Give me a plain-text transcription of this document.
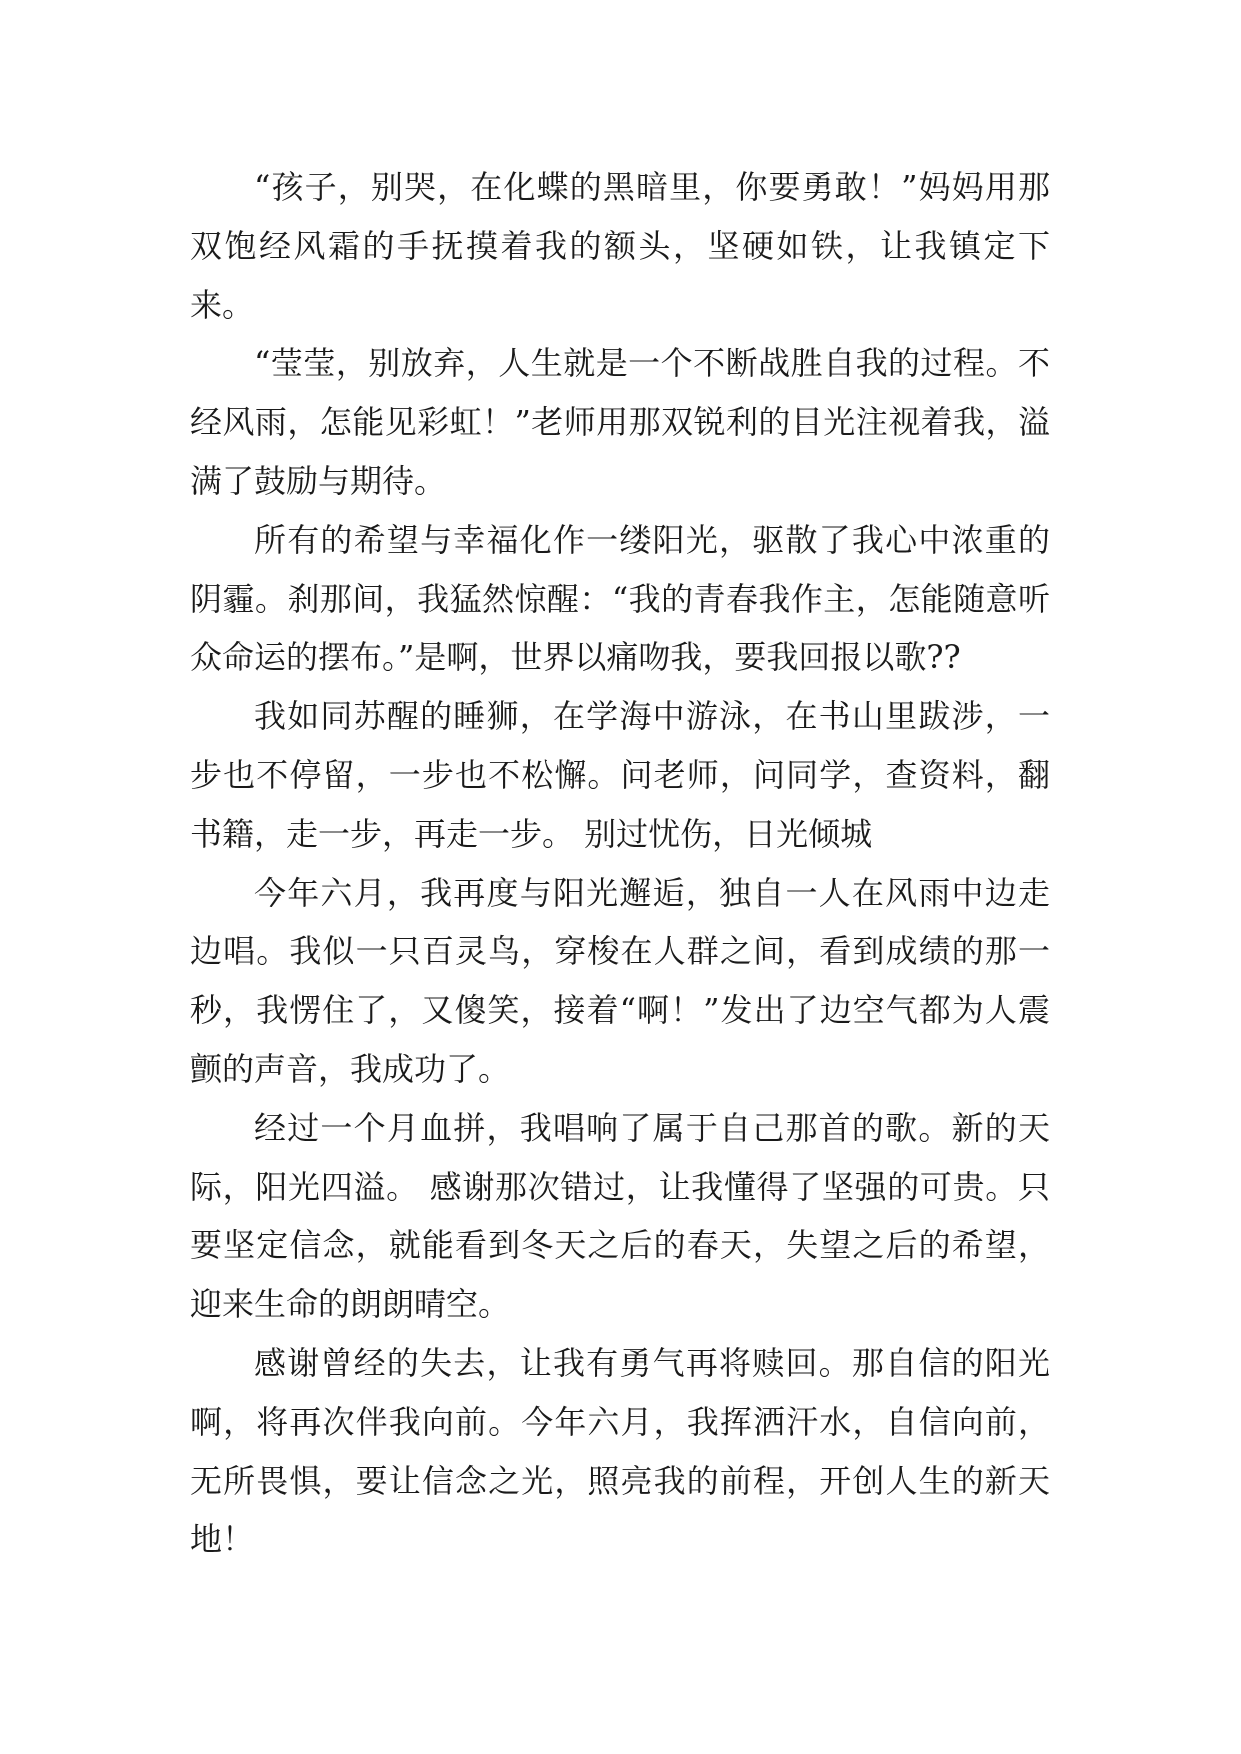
“孩子，别哭，在化蝶的黑暗里，你要勇敢！”妈妈用那双饱经风霜的手抚摸着我的额头，坚硬如铁，让我镇定下来。

“莹莹，别放弃，人生就是一个不断战胜自我的过程。不经风雨，怎能见彩虹！”老师用那双锐利的目光注视着我，溢满了鼓励与期待。

所有的希望与幸福化作一缕阳光，驱散了我心中浓重的阴霾。刹那间，我猛然惊醒：“我的青春我作主，怎能随意听众命运的摆布。”是啊，世界以痛吻我，要我回报以歌??

我如同苏醒的睡狮，在学海中游泳，在书山里跋涉，一步也不停留，一步也不松懈。问老师，问同学，查资料，翻书籍，走一步，再走一步。 别过忧伤，日光倾城

今年六月，我再度与阳光邂逅，独自一人在风雨中边走边唱。我似一只百灵鸟，穿梭在人群之间，看到成绩的那一秒，我愣住了，又傻笑，接着“啊！”发出了边空气都为人震颤的声音，我成功了。

经过一个月血拼，我唱响了属于自己那首的歌。新的天际，阳光四溢。 感谢那次错过，让我懂得了坚强的可贵。只要坚定信念，就能看到冬天之后的春天，失望之后的希望，迎来生命的朗朗晴空。

感谢曾经的失去，让我有勇气再将赎回。那自信的阳光啊，将再次伴我向前。今年六月，我挥洒汗水，自信向前，无所畏惧，要让信念之光，照亮我的前程，开创人生的新天地！
